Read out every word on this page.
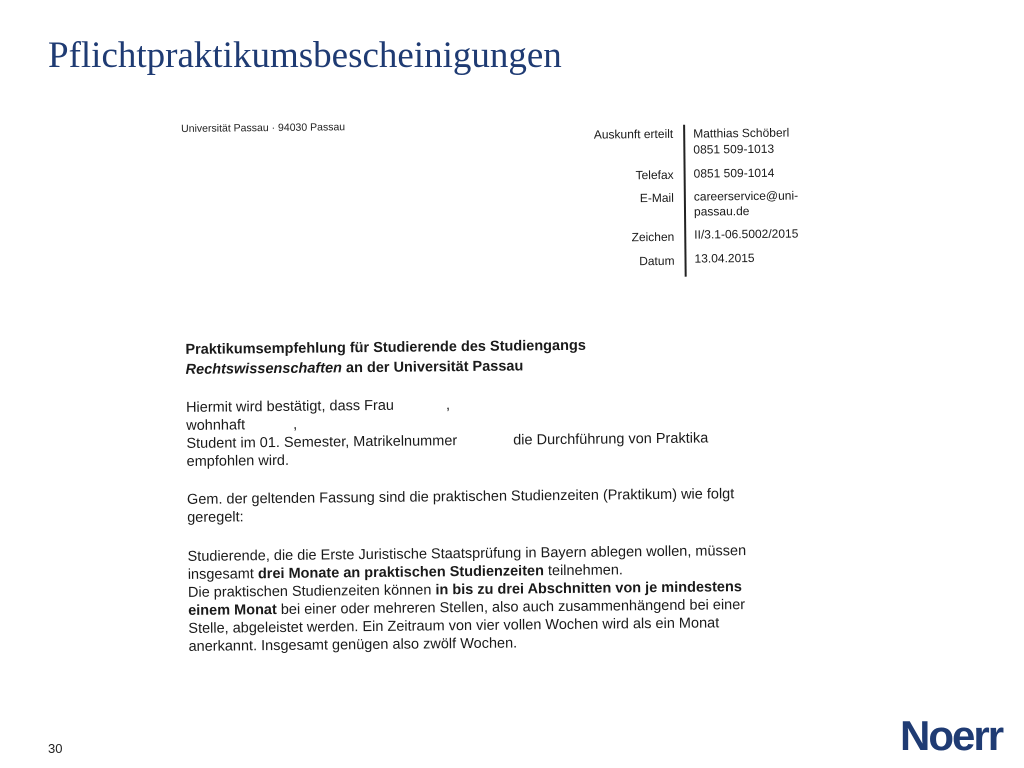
Pflichtpraktikumsbescheinigungen
Universität Passau · 94030 Passau	Auskunft erteilt Matthias Schöberl
0851 509-1013
Telefax 0851 509-1014
E-Mail careerservice@uni-
passau.de
Zeichen II/3.1-06.5002/2015
Datum 13.04.2015
Praktikumsempfehlung für Studierende des Studiengangs
Rechtswissenschaften an der Universität Passau
Hiermit wird bestätigt, dass Frau	,
wohnhaft	,
Student im 01. Semester, Matrikelnummer	die Durchführung von Praktika
empfohlen wird.
Gem. der geltenden Fassung sind die praktischen Studienzeiten (Praktikum) wie folgt
geregelt:
Studierende, die die Erste Juristische Staatsprüfung in Bayern ablegen wollen, müssen
insgesamt drei Monate an praktischen Studienzeiten teilnehmen.
Die praktischen Studienzeiten können in bis zu drei Abschnitten von je mindestens
einem Monat bei einer oder mehreren Stellen, also auch zusammenhängend bei einer
Stelle, abgeleistet werden. Ein Zeitraum von vier vollen Wochen wird als ein Monat
anerkannt. Insgesamt genügen also zwölf Wochen.
30	Noerr
